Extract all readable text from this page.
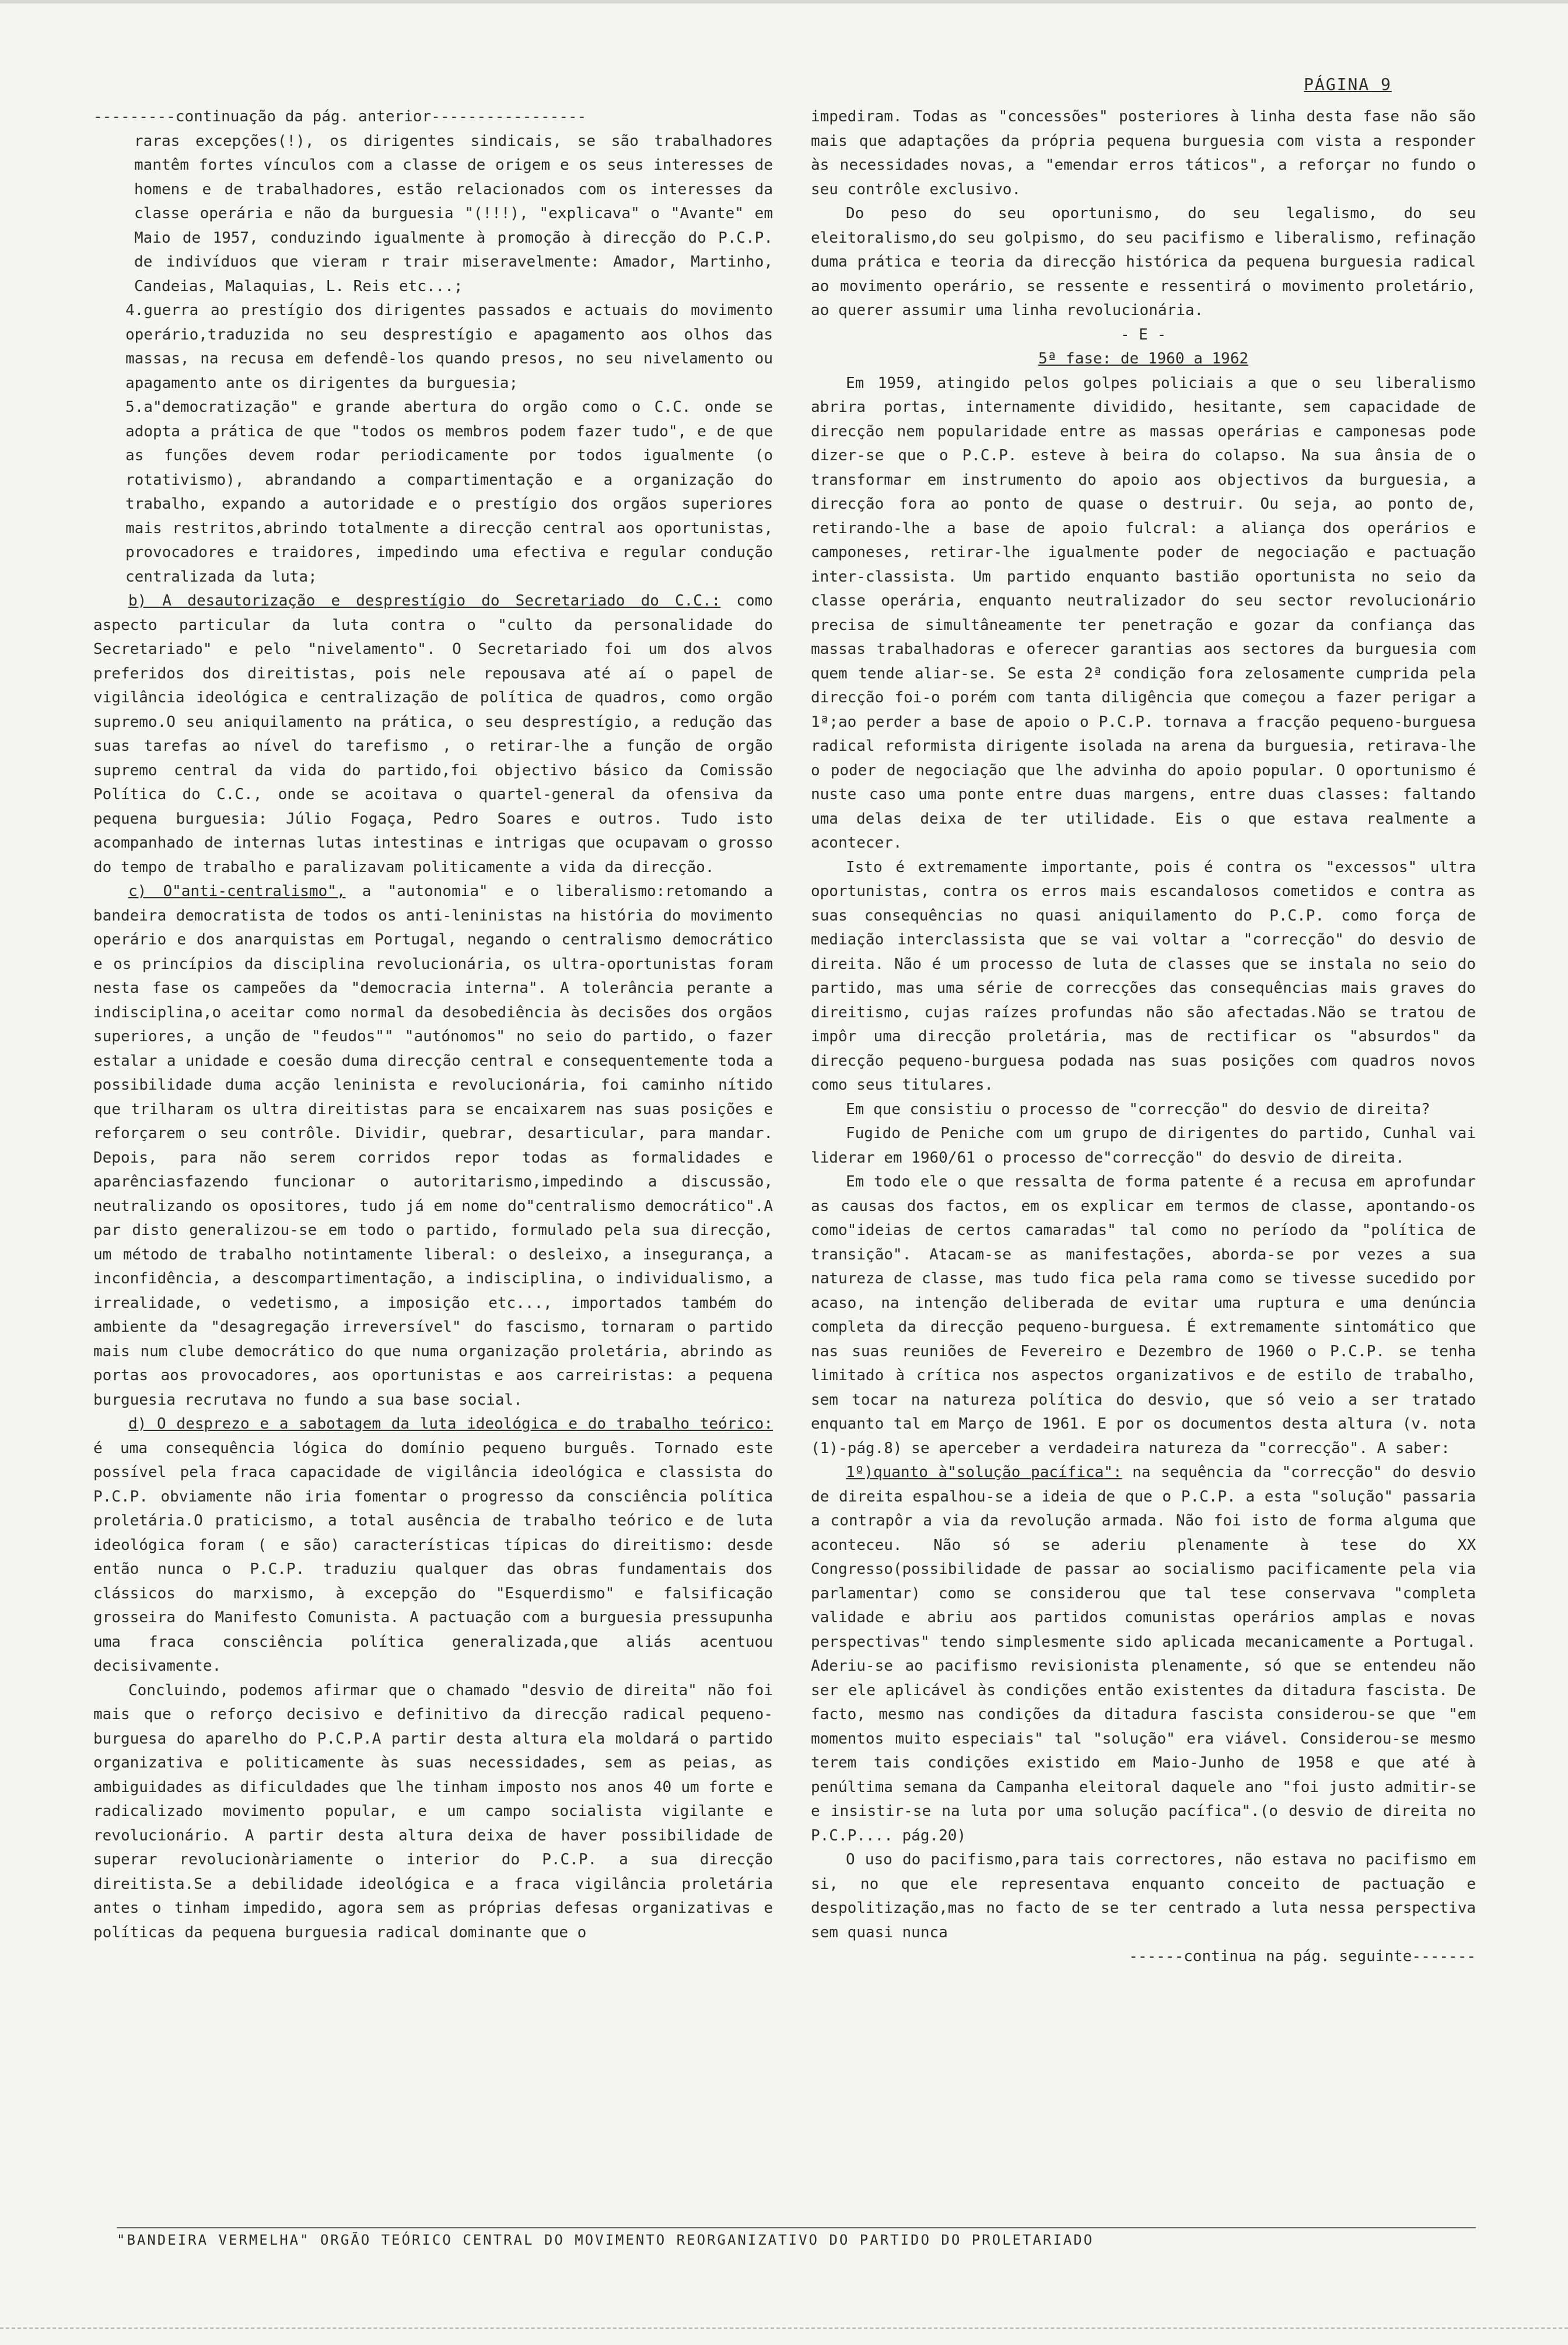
PÁGINA 9

---------continuação da pág. anterior-----------------

raras excepções(!), os dirigentes sindicais, se são trabalhadores mantêm fortes vínculos com a classe de origem e os seus interesses de homens e de trabalhadores, estão relacionados com os interesses da classe operária e não da burguesia "(!!!), "explicava" o "Avante" em Maio de 1957, conduzindo igualmente à promoção à direcção do P.C.P. de indivíduos que vieram r trair miseravelmente: Amador, Martinho, Candeias, Malaquias, L. Reis etc...;

4.guerra ao prestígio dos dirigentes passados e actuais do movimento operário,traduzida no seu desprestígio e apagamento aos olhos das massas, na recusa em defendê-los quando presos, no seu nivelamento ou apagamento ante os dirigentes da burguesia;

5.a"democratização" e grande abertura do orgão como o C.C. onde se adopta a prática de que "todos os membros podem fazer tudo", e de que as funções devem rodar periodicamente por todos igualmente (o rotativismo), abrandando a compartimentação e a organização do trabalho, expando a autoridade e o prestígio dos orgãos superiores mais restritos,abrindo totalmente a direcção central aos oportunistas, provocadores e traidores, impedindo uma efectiva e regular condução centralizada da luta;

b) A desautorização e desprestígio do Secretariado do C.C.: como aspecto particular da luta contra o "culto da personalidade do Secretariado" e pelo "nivelamento". O Secretariado foi um dos alvos preferidos dos direitistas, pois nele repousava até aí o papel de vigilância ideológica e centralização de política de quadros, como orgão supremo.O seu aniquilamento na prática, o seu desprestígio, a redução das suas tarefas ao nível do tarefismo , o retirar-lhe a função de orgão supremo central da vida do partido,foi objectivo básico da Comissão Política do C.C., onde se acoitava o quartel-general da ofensiva da pequena burguesia: Júlio Fogaça, Pedro Soares e outros. Tudo isto acompanhado de internas lutas intestinas e intrigas que ocupavam o grosso do tempo de trabalho e paralizavam politicamente a vida da direcção.

c) O"anti-centralismo", a "autonomia" e o liberalismo:retomando a bandeira democratista de todos os anti-leninistas na história do movimento operário e dos anarquistas em Portugal, negando o centralismo democrático e os princípios da disciplina revolucionária, os ultra-oportunistas foram nesta fase os campeões da "democracia interna". A tolerância perante a indisciplina,o aceitar como normal da desobediência às decisões dos orgãos superiores, a unção de "feudos"" "autónomos" no seio do partido, o fazer estalar a unidade e coesão duma direcção central e consequentemente toda a possibilidade duma acção leninista e revolucionária, foi caminho nítido que trilharam os ultra direitistas para se encaixarem nas suas posições e reforçarem o seu contrôle. Dividir, quebrar, desarticular, para mandar. Depois, para não serem corridos repor todas as formalidades e aparênciasfazendo funcionar o autoritarismo,impedindo a discussão, neutralizando os opositores, tudo já em nome do"centralismo democrático".A par disto generalizou-se em todo o partido, formulado pela sua direcção, um método de trabalho notintamente liberal: o desleixo, a insegurança, a inconfidência, a descompartimentação, a indisciplina, o individualismo, a irrealidade, o vedetismo, a imposição etc..., importados também do ambiente da "desagregação irreversível" do fascismo, tornaram o partido mais num clube democrático do que numa organização proletária, abrindo as portas aos provocadores, aos oportunistas e aos carreiristas: a pequena burguesia recrutava no fundo a sua base social.

d) O desprezo e a sabotagem da luta ideológica e do trabalho teórico: é uma consequência lógica do domínio pequeno burguês. Tornado este possível pela fraca capacidade de vigilância ideológica e classista do P.C.P. obviamente não iria fomentar o progresso da consciência política proletária.O praticismo, a total ausência de trabalho teórico e de luta ideológica foram ( e são) características típicas do direitismo: desde então nunca o P.C.P. traduziu qualquer das obras fundamentais dos clássicos do marxismo, à excepção do "Esquerdismo" e falsificação grosseira do Manifesto Comunista. A pactuação com a burguesia pressupunha uma fraca consciência política generalizada,que aliás acentuou decisivamente.

Concluindo, podemos afirmar que o chamado "desvio de direita" não foi mais que o reforço decisivo e definitivo da direcção radical pequeno-burguesa do aparelho do P.C.P.A partir desta altura ela moldará o partido organizativa e politicamente às suas necessidades, sem as peias, as ambiguidades as dificuldades que lhe tinham imposto nos anos 40 um forte e radicalizado movimento popular, e um campo socialista vigilante e revolucionário. A partir desta altura deixa de haver possibilidade de superar revolucionàriamente o interior do P.C.P. a sua direcção direitista.Se a debilidade ideológica e a fraca vigilância proletária antes o tinham impedido, agora sem as próprias defesas organizativas e políticas da pequena burguesia radical dominante que o

impediram. Todas as "concessões" posteriores à linha desta fase não são mais que adaptações da própria pequena burguesia com vista a responder às necessidades novas, a "emendar erros táticos", a reforçar no fundo o seu contrôle exclusivo.

Do peso do seu oportunismo, do seu legalismo, do seu eleitoralismo,do seu golpismo, do seu pacifismo e liberalismo, refinação duma prática e teoria da direcção histórica da pequena burguesia radical ao movimento operário, se ressente e ressentirá o movimento proletário, ao querer assumir uma linha revolucionária.

- E -

5ª fase: de 1960 a 1962

Em 1959, atingido pelos golpes policiais a que o seu liberalismo abrira portas, internamente dividido, hesitante, sem capacidade de direcção nem popularidade entre as massas operárias e camponesas pode dizer-se que o P.C.P. esteve à beira do colapso. Na sua ânsia de o transformar em instrumento do apoio aos objectivos da burguesia, a direcção fora ao ponto de quase o destruir. Ou seja, ao ponto de, retirando-lhe a base de apoio fulcral: a aliança dos operários e camponeses, retirar-lhe igualmente poder de negociação e pactuação inter-classista. Um partido enquanto bastião oportunista no seio da classe operária, enquanto neutralizador do seu sector revolucionário precisa de simultâneamente ter penetração e gozar da confiança das massas trabalhadoras e oferecer garantias aos sectores da burguesia com quem tende aliar-se. Se esta 2ª condição fora zelosamente cumprida pela direcção foi-o porém com tanta diligência que começou a fazer perigar a 1ª;ao perder a base de apoio o P.C.P. tornava a fracção pequeno-burguesa radical reformista dirigente isolada na arena da burguesia, retirava-lhe o poder de negociação que lhe advinha do apoio popular. O oportunismo é nuste caso uma ponte entre duas margens, entre duas classes: faltando uma delas deixa de ter utilidade. Eis o que estava realmente a acontecer.

Isto é extremamente importante, pois é contra os "excessos" ultra oportunistas, contra os erros mais escandalosos cometidos e contra as suas consequências no quasi aniquilamento do P.C.P. como força de mediação interclassista que se vai voltar a "correcção" do desvio de direita. Não é um processo de luta de classes que se instala no seio do partido, mas uma série de correcções das consequências mais graves do direitismo, cujas raízes profundas não são afectadas.Não se tratou de impôr uma direcção proletária, mas de rectificar os "absurdos" da direcção pequeno-burguesa podada nas suas posições com quadros novos como seus titulares.

Em que consistiu o processo de "correcção" do desvio de direita?

Fugido de Peniche com um grupo de dirigentes do partido, Cunhal vai liderar em 1960/61 o processo de"correcção" do desvio de direita.

Em todo ele o que ressalta de forma patente é a recusa em aprofundar as causas dos factos, em os explicar em termos de classe, apontando-os como"ideias de certos camaradas" tal como no período da "política de transição". Atacam-se as manifestações, aborda-se por vezes a sua natureza de classe, mas tudo fica pela rama como se tivesse sucedido por acaso, na intenção deliberada de evitar uma ruptura e uma denúncia completa da direcção pequeno-burguesa. É extremamente sintomático que nas suas reuniões de Fevereiro e Dezembro de 1960 o P.C.P. se tenha limitado à crítica nos aspectos organizativos e de estilo de trabalho, sem tocar na natureza política do desvio, que só veio a ser tratado enquanto tal em Março de 1961. E por os documentos desta altura (v. nota (1)-pág.8) se aperceber a verdadeira natureza da "correcção". A saber:

1º)quanto à"solução pacífica": na sequência da "correcção" do desvio de direita espalhou-se a ideia de que o P.C.P. a esta "solução" passaria a contrapôr a via da revolução armada. Não foi isto de forma alguma que aconteceu. Não só se aderiu plenamente à tese do XX Congresso(possibilidade de passar ao socialismo pacificamente pela via parlamentar) como se considerou que tal tese conservava "completa validade e abriu aos partidos comunistas operários amplas e novas perspectivas" tendo simplesmente sido aplicada mecanicamente a Portugal. Aderiu-se ao pacifismo revisionista plenamente, só que se entendeu não ser ele aplicável às condições então existentes da ditadura fascista. De facto, mesmo nas condições da ditadura fascista considerou-se que "em momentos muito especiais" tal "solução" era viável. Considerou-se mesmo terem tais condições existido em Maio-Junho de 1958 e que até à penúltima semana da Campanha eleitoral daquele ano "foi justo admitir-se e insistir-se na luta por uma solução pacífica".(o desvio de direita no P.C.P.... pág.20)

O uso do pacifismo,para tais correctores, não estava no pacifismo em si, no que ele representava enquanto conceito de pactuação e despolitização,mas no facto de se ter centrado a luta nessa perspectiva sem quasi nunca

------continua na pág. seguinte-------

"BANDEIRA VERMELHA" ORGÃO TEÓRICO CENTRAL DO MOVIMENTO REORGANIZATIVO DO PARTIDO DO PROLETARIADO
